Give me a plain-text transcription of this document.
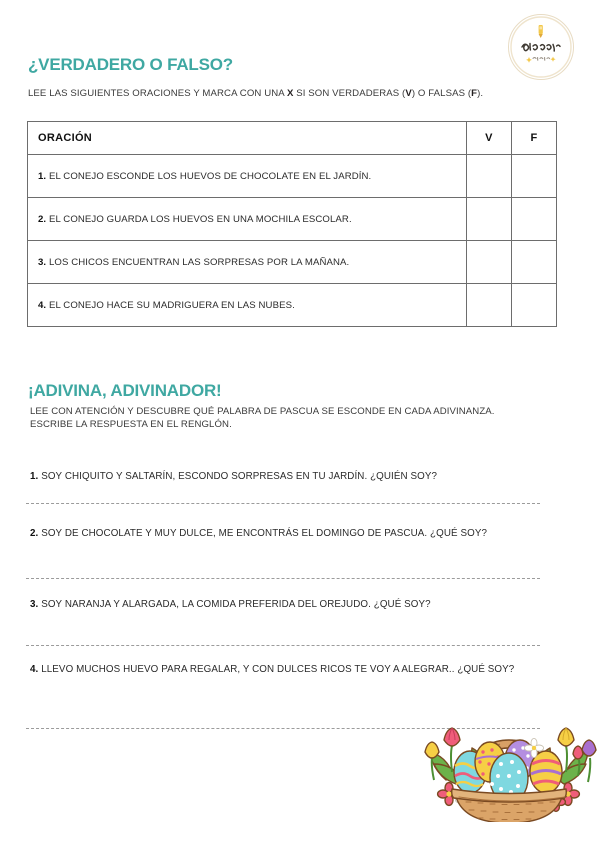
¿VERDADERO O FALSO?
LEE LAS SIGUIENTES ORACIONES Y MARCA CON UNA X SI SON VERDADERAS (V) O FALSAS (F).
ORACIÓN	V	F
1. EL CONEJO ESCONDE LOS HUEVOS DE CHOCOLATE EN EL JARDÍN.		
2. EL CONEJO GUARDA LOS HUEVOS EN UNA MOCHILA ESCOLAR.		
3. LOS CHICOS ENCUENTRAN LAS SORPRESAS POR LA MAÑANA.		
4. EL CONEJO HACE SU MADRIGUERA EN LAS NUBES.		
¡ADIVINA, ADIVINADOR!
LEE CON ATENCIÓN Y DESCUBRE QUÉ PALABRA DE PASCUA SE ESCONDE EN CADA ADIVINANZA. ESCRIBE LA RESPUESTA EN EL RENGLÓN.
1. SOY CHIQUITO Y SALTARÍN, ESCONDO SORPRESAS EN TU JARDÍN. ¿QUIÉN SOY?
2. SOY DE CHOCOLATE Y MUY DULCE, ME ENCONTRÁS EL DOMINGO DE PASCUA. ¿QUÉ SOY?
3. SOY NARANJA Y ALARGADA, LA COMIDA PREFERIDA DEL OREJUDO. ¿QUÉ SOY?
4. LLEVO MUCHOS HUEVO PARA REGALAR, Y CON DULCES RICOS TE VOY A ALEGRAR.. ¿QUÉ SOY?
